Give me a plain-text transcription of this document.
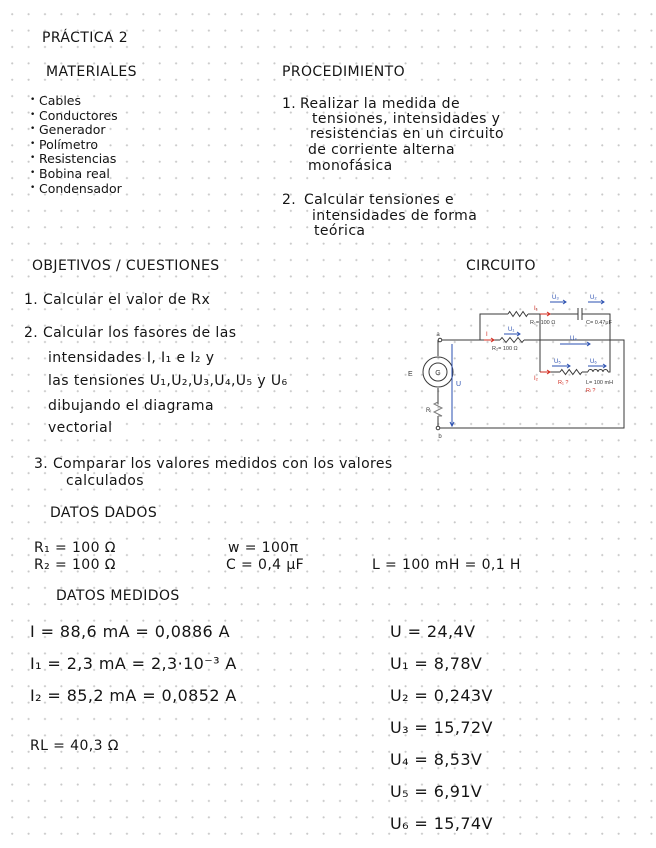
PRÁCTICA 2

MATERIALES

• Cables
• Conductores
• Generador
• Polímetro
• Resistencias
• Bobina real
• Condensador

PROCEDIMIENTO

1. Realizar la medida de
tensiones, intensidades y
resistencias en un circuito
de corriente alterna
monofásica
2. Calcular tensiones e
intensidades de forma
teórica

OBJETIVOS / CUESTIONES

1. Calcular el valor de Rx

2. Calcular los fasores de las

intensidades I, I₁ e I₂ y

las tensiones U₁,U₂,U₃,U₄,U₅ y U₆

dibujando el diagrama

vectorial

3. Comparar los valores medidos con los valores

calculados

CIRCUITO

G
E
Rᵢ
a
b
U
R₂= 100 Ω
R₁= 100 Ω	C= 0.47μF
L= 100 mH
R₁ ?
Rₗ ?
I
I₁
I₂
U₁
U₃	U₂
U₄
U₅	U₆

DATOS DADOS

R₁ = 100 Ω

R₂ = 100 Ω

w = 100π

C = 0,4 μF	L = 100 mH = 0,1 H

DATOS MEDIDOS

I = 88,6 mA = 0,0886 A

I₁ = 2,3 mA = 2,3·10⁻³ A

I₂ = 85,2 mA = 0,0852 A

RL = 40,3 Ω

U = 24,4V

U₁ = 8,78V

U₂ = 0,243V

U₃ = 15,72V

U₄ = 8,53V

U₅ = 6,91V

U₆ = 15,74V
